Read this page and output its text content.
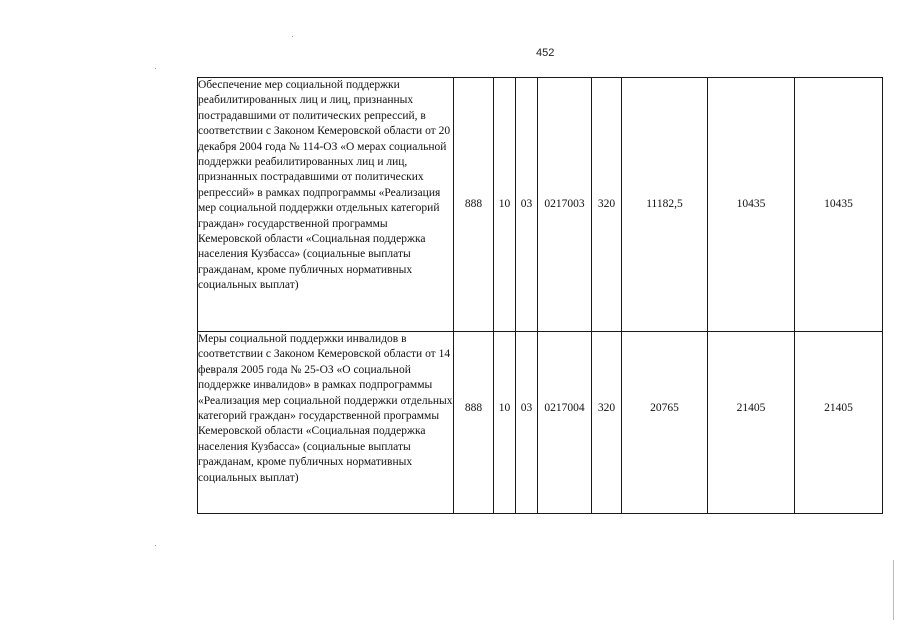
452
Обеспечение мер социальной поддержки реабилитированных лиц и лиц, признанных пострадавшими от политических репрессий, в соответствии с Законом Кемеровской области от 20 декабря 2004 года № 114-ОЗ «О мерах социальной поддержки реабилитированных лиц и лиц, признанных пострадавшими от политических репрессий» в рамках подпрограммы «Реализация мер социальной поддержки отдельных категорий граждан» государственной программы Кемеровской области «Социальная поддержка населения Кузбасса» (социальные выплаты гражданам, кроме публичных нормативных социальных выплат)	888	10	03	0217003	320	11182,5	10435	10435
Меры социальной поддержки инвалидов в соответствии с Законом Кемеровской области от 14 февраля 2005 года № 25-ОЗ «О социальной поддержке инвалидов» в рамках подпрограммы «Реализация мер социальной поддержки отдельных категорий граждан» государственной программы Кемеровской области «Социальная поддержка населения Кузбасса» (социальные выплаты гражданам, кроме публичных нормативных социальных выплат)	888	10	03	0217004	320	20765	21405	21405
